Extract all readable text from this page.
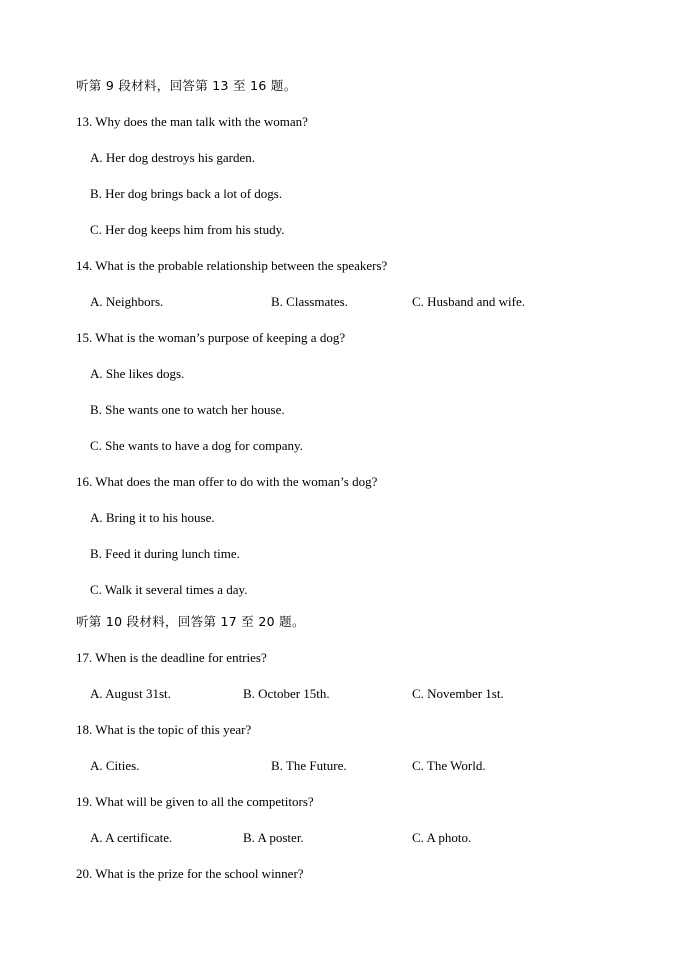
听第 9 段材料，回答第 13 至 16 题。
13. Why does the man talk with the woman?
A. Her dog destroys his garden.
B. Her dog brings back a lot of dogs.
C. Her dog keeps him from his study.
14. What is the probable relationship between the speakers?
A. Neighbors.	B. Classmates.	C. Husband and wife.
15. What is the woman’s purpose of keeping a dog?
A. She likes dogs.
B. She wants one to watch her house.
C. She wants to have a dog for company.
16. What does the man offer to do with the woman’s dog?
A. Bring it to his house.
B. Feed it during lunch time.
C. Walk it several times a day.
听第 10 段材料，回答第 17 至 20 题。
17. When is the deadline for entries?
A. August 31st.	B. October 15th.	C. November 1st.
18. What is the topic of this year?
A. Cities.	B. The Future.	C. The World.
19. What will be given to all the competitors?
A. A certificate.	B. A poster.	C. A photo.
20. What is the prize for the school winner?
